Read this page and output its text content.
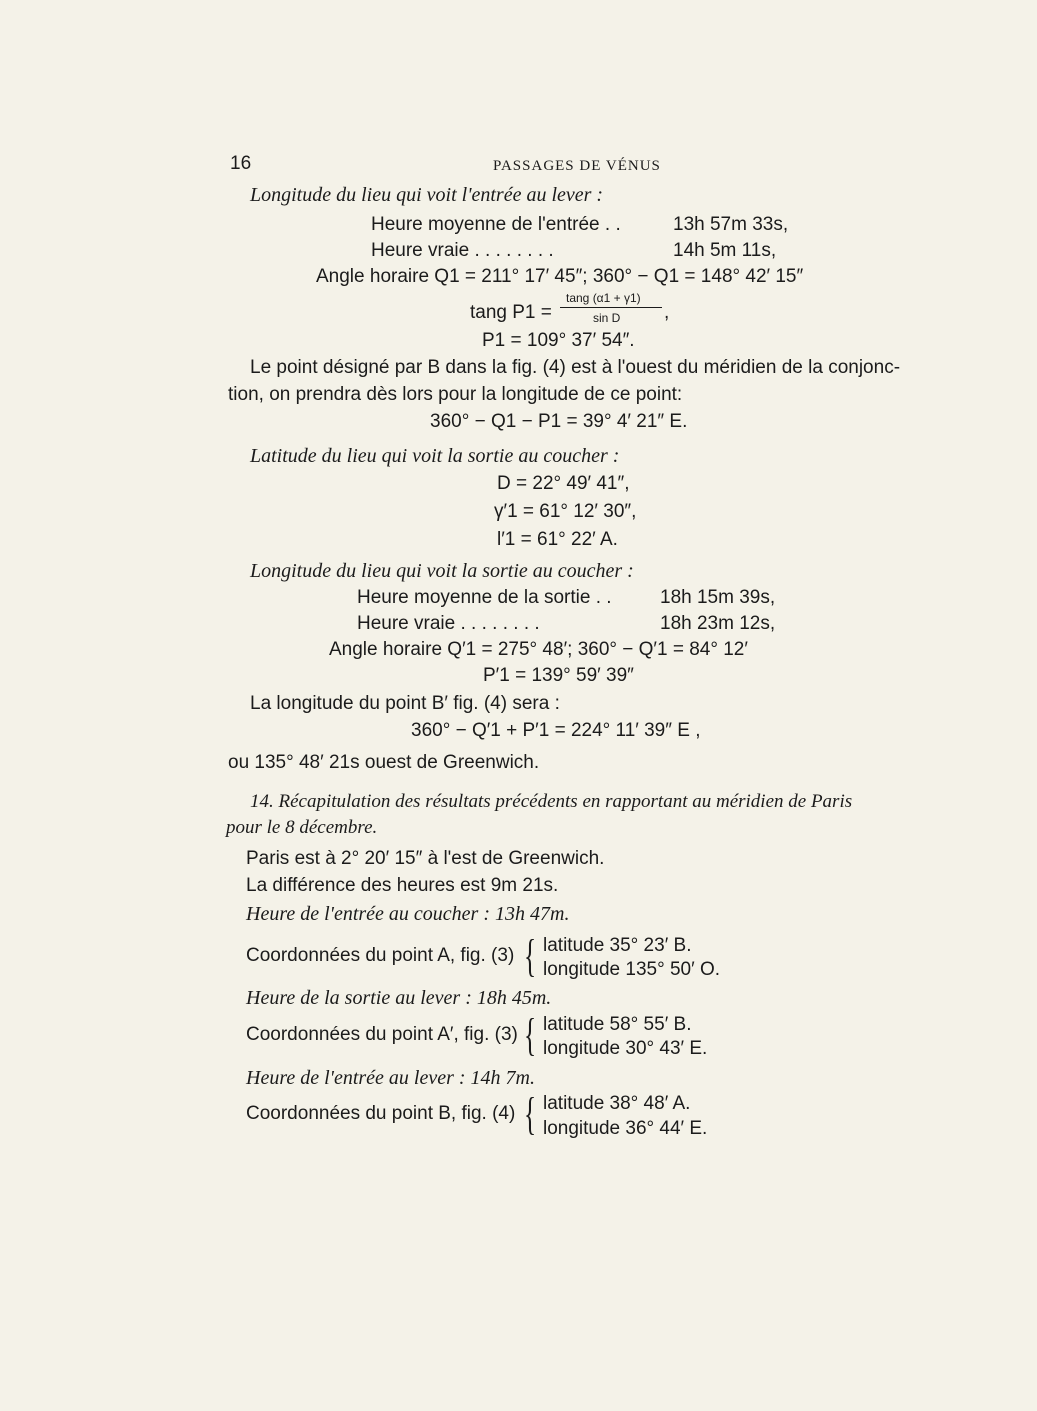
16	PASSAGES DE VÉNUS
Longitude du lieu qui voit l'entrée au lever :
Heure moyenne de l'entrée . .	13h 57m 33s,
Heure vraie . . . . . . . .	14h 5m 11s,
Angle horaire Q1 = 211° 17′ 45″; 360° − Q1 = 148° 42′ 15″
tang P1 =
tang (α1 + γ1)
sin D ,
P1 = 109° 37′ 54″.
Le point désigné par B dans la fig. (4) est à l'ouest du méridien de la conjonc-
tion, on prendra dès lors pour la longitude de ce point:
360° − Q1 − P1 = 39° 4′ 21″ E.
Latitude du lieu qui voit la sortie au coucher :
D = 22° 49′ 41″,
γ′1 = 61° 12′ 30″,
l′1 = 61° 22′ A.
Longitude du lieu qui voit la sortie au coucher :
Heure moyenne de la sortie . .	18h 15m 39s,
Heure vraie . . . . . . . .	18h 23m 12s,
Angle horaire Q′1 = 275° 48′; 360° − Q′1 = 84° 12′
P′1 = 139° 59′ 39″
La longitude du point B′ fig. (4) sera :
360° − Q′1 + P′1 = 224° 11′ 39″ E ,
ou 135° 48′ 21s ouest de Greenwich.
14. Récapitulation des résultats précédents en rapportant au méridien de Paris
pour le 8 décembre.
Paris est à 2° 20′ 15″ à l'est de Greenwich.
La différence des heures est 9m 21s.
Heure de l'entrée au coucher : 13h 47m.
Coordonnées du point A, fig. (3) { latitude 35° 23′ B.
longitude 135° 50′ O.
Heure de la sortie au lever : 18h 45m.
Coordonnées du point A′, fig. (3) { latitude 58° 55′ B.
longitude 30° 43′ E.
Heure de l'entrée au lever : 14h 7m.
Coordonnées du point B, fig. (4) { latitude 38° 48′ A.
longitude 36° 44′ E.
